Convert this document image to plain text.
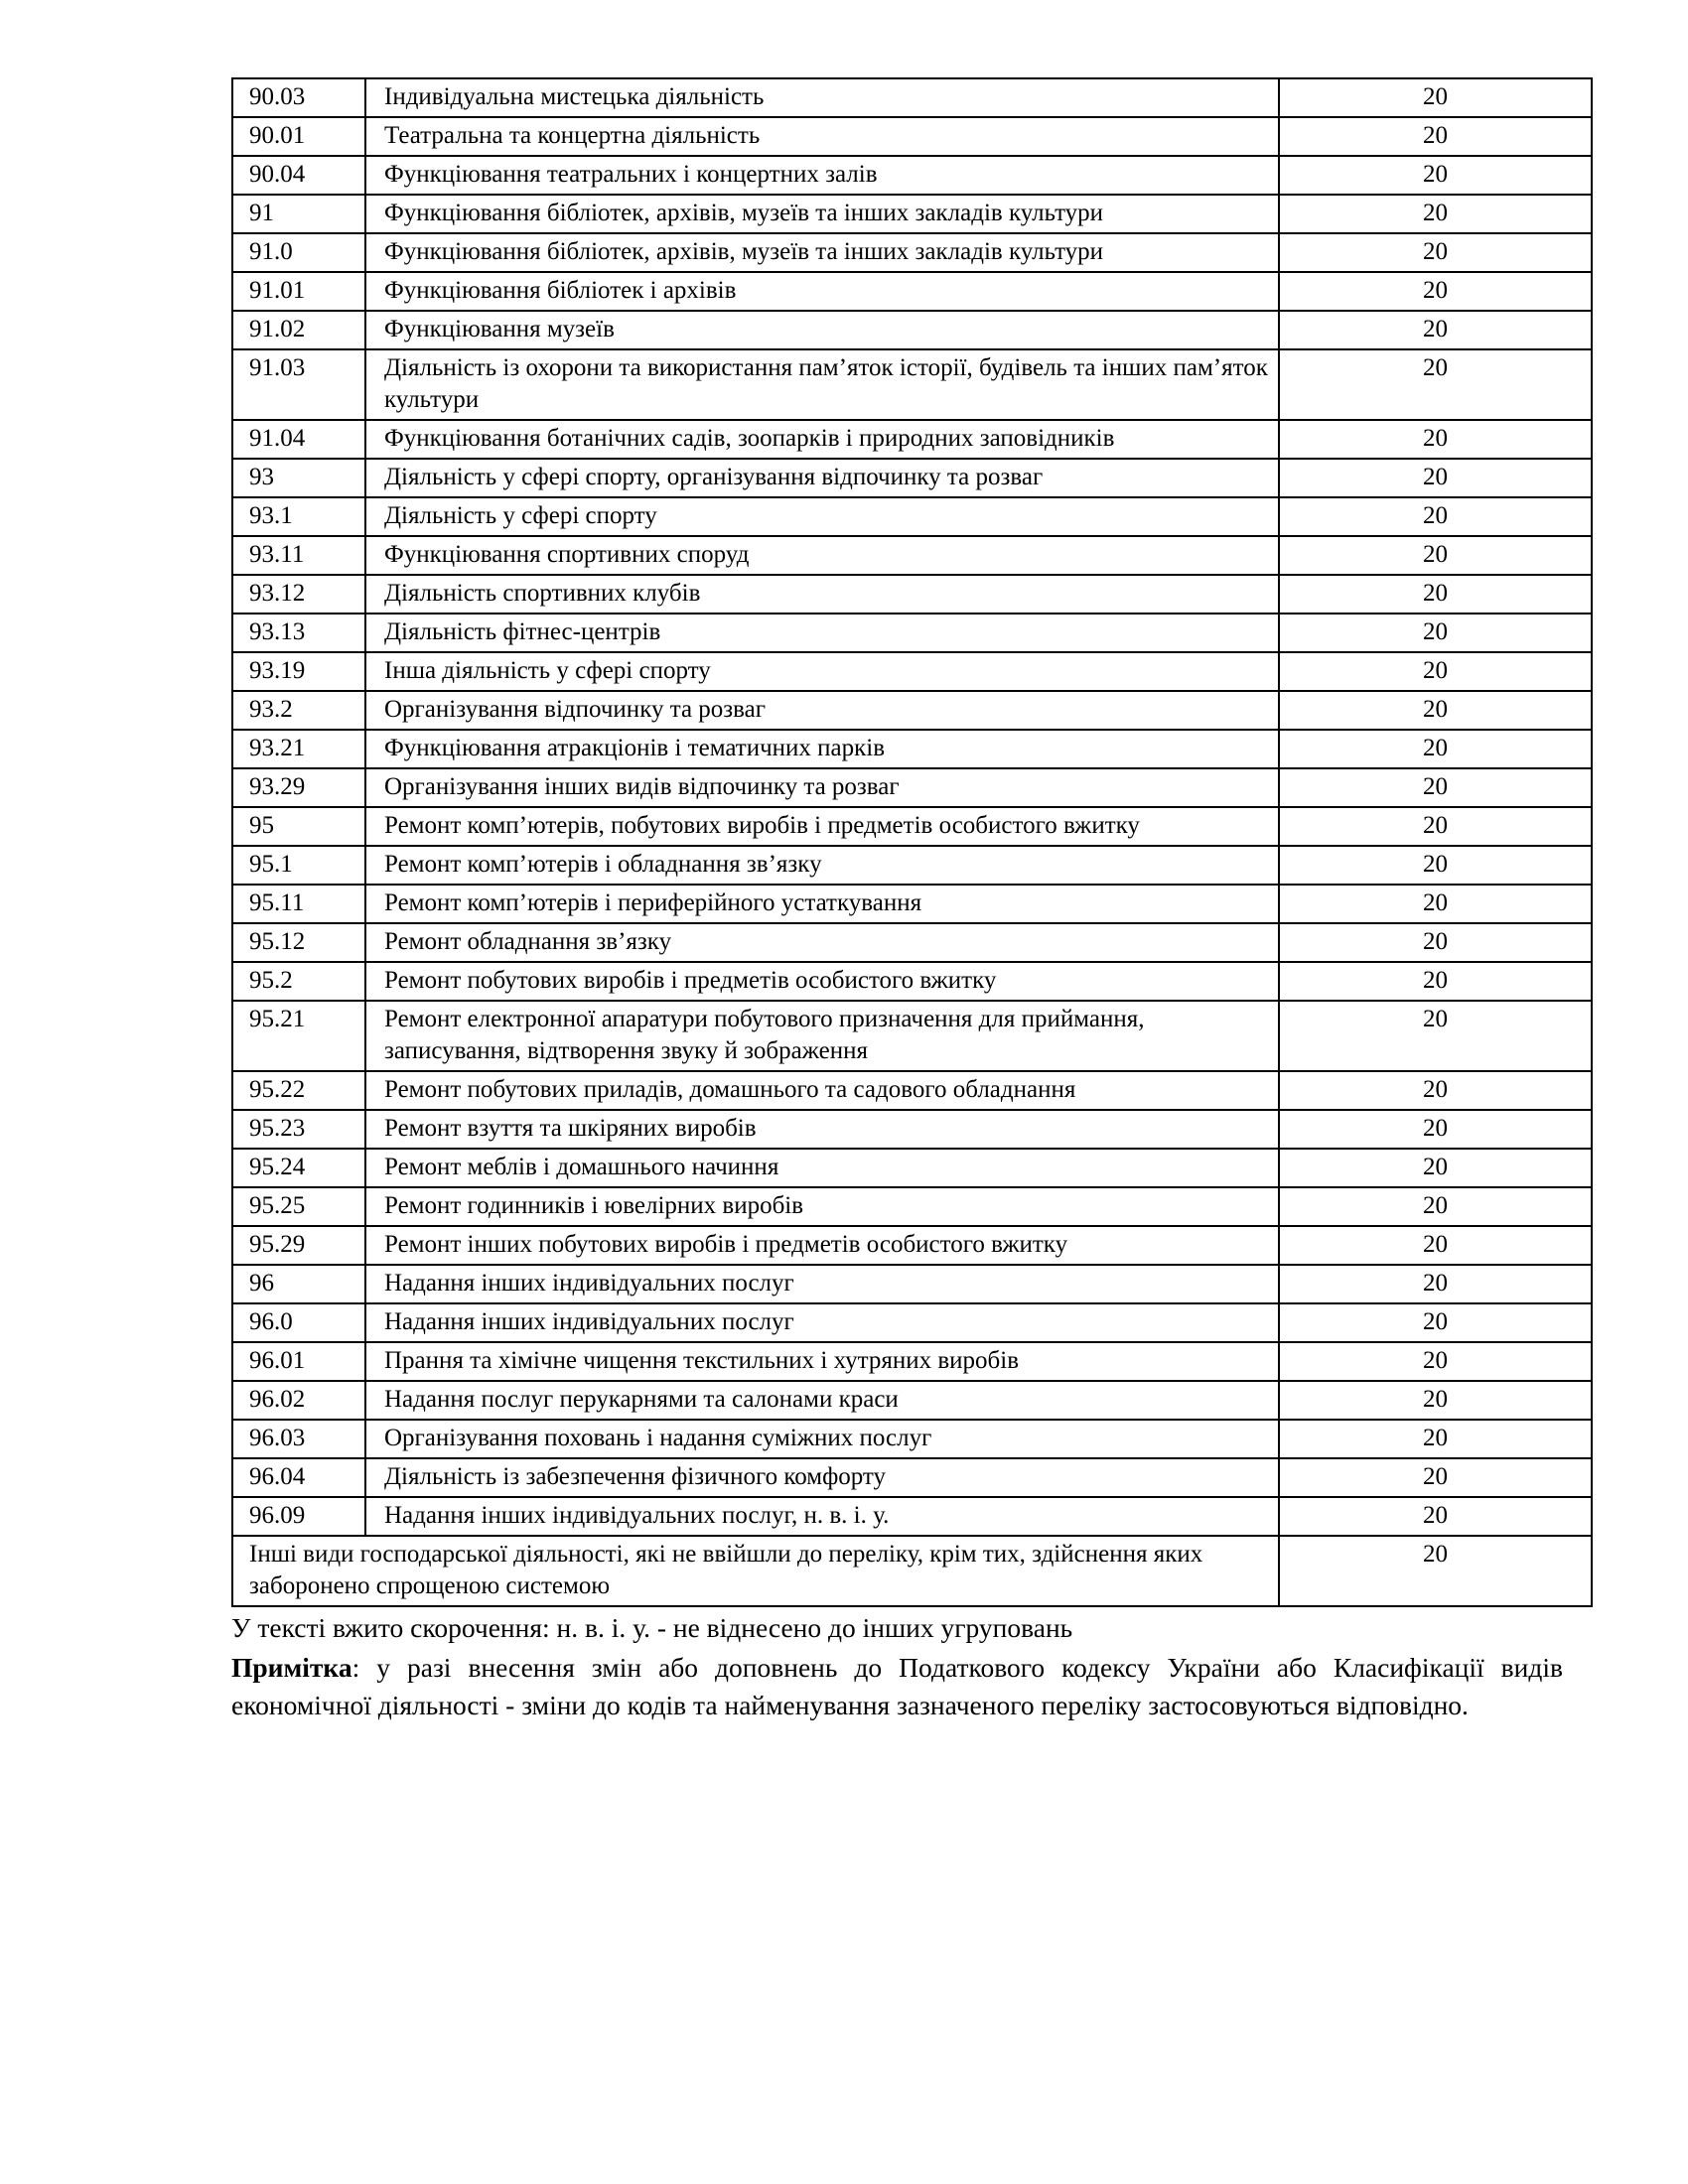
90.03	Індивідуальна мистецька діяльність	20
90.01	Театральна та концертна діяльність	20
90.04	Функціювання театральних і концертних залів	20
91	Функціювання бібліотек, архівів, музеїв та інших закладів культури	20
91.0	Функціювання бібліотек, архівів, музеїв та інших закладів культури	20
91.01	Функціювання бібліотек і архівів	20
91.02	Функціювання музеїв	20
91.03	Діяльність із охорони та використання пам’яток історії, будівель та інших пам’яток культури	20
91.04	Функціювання ботанічних садів, зоопарків і природних заповідників	20
93	Діяльність у сфері спорту, організування відпочинку та розваг	20
93.1	Діяльність у сфері спорту	20
93.11	Функціювання спортивних споруд	20
93.12	Діяльність спортивних клубів	20
93.13	Діяльність фітнес-центрів	20
93.19	Інша діяльність у сфері спорту	20
93.2	Організування відпочинку та розваг	20
93.21	Функціювання атракціонів і тематичних парків	20
93.29	Організування інших видів відпочинку та розваг	20
95	Ремонт комп’ютерів, побутових виробів і предметів особистого вжитку	20
95.1	Ремонт комп’ютерів і обладнання зв’язку	20
95.11	Ремонт комп’ютерів і периферійного устаткування	20
95.12	Ремонт обладнання зв’язку	20
95.2	Ремонт побутових виробів і предметів особистого вжитку	20
95.21	Ремонт електронної апаратури побутового призначення для приймання, записування, відтворення звуку й зображення	20
95.22	Ремонт побутових приладів, домашнього та садового обладнання	20
95.23	Ремонт взуття та шкіряних виробів	20
95.24	Ремонт меблів і домашнього начиння	20
95.25	Ремонт годинників і ювелірних виробів	20
95.29	Ремонт інших побутових виробів і предметів особистого вжитку	20
96	Надання інших індивідуальних послуг	20
96.0	Надання інших індивідуальних послуг	20
96.01	Прання та хімічне чищення текстильних і хутряних виробів	20
96.02	Надання послуг перукарнями та салонами краси	20
96.03	Організування поховань і надання суміжних послуг	20
96.04	Діяльність із забезпечення фізичного комфорту	20
96.09	Надання інших індивідуальних послуг, н. в. і. у.	20
Інші види господарської діяльності, які не ввійшли до переліку, крім тих, здійснення яких заборонено спрощеною системою		20

У тексті вжито скорочення: н. в. і. у. - не віднесено до інших угруповань

Примітка: у разі внесення змін або доповнень до Податкового кодексу України або Класифікації видів економічної діяльності - зміни до кодів та найменування зазначеного переліку застосовуються відповідно.
